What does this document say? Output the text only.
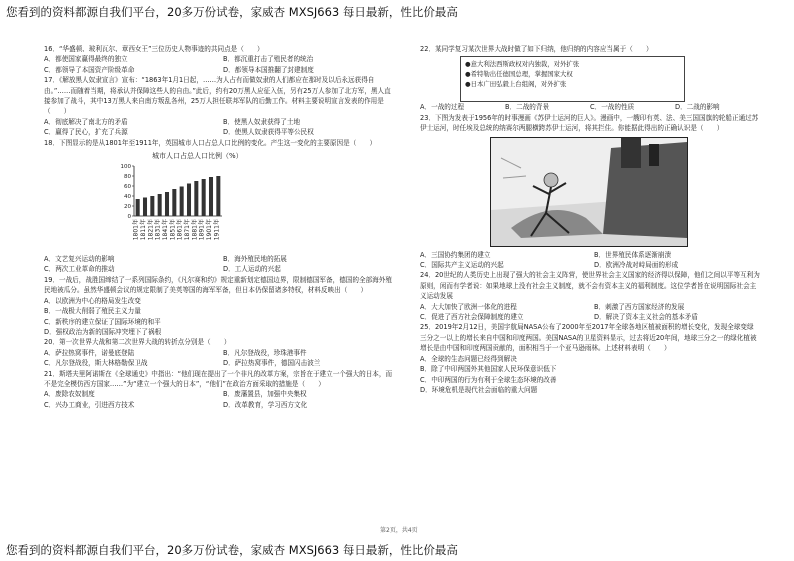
您看到的资料都源自我们平台，20多万份试卷，家威杏 MXSJ663 每日最新，性比价最高

16．“华盛顿、玻利瓦尔、章西女王”三位历史人物事迹的共同点是（　　）

A．都使国家赢得最终的独立	B．都沉重打击了殖民者的统治
C．都领导了本国资产阶级革命	D．都领导本国推翻了封建制度

17．《解放黑人奴隶宣言》宣布：“1863年1月1日起，……为人占有而做奴隶的人们都应在那时及以后永远获得自由。”……而随着当期，将承认并保障这些人的自由。”此后，约有20万黑人应征入伍，另有25万人参加了北方军，黑人直接参加了战斗，其中13万黑人来自南方叛乱各州，25万人担任联邦军队的后勤工作。材料主要说明宣言发表的作用是（　　）

A．彻底解决了南北方的矛盾	B．使黑人奴隶获得了土地
C．赢得了民心，扩充了兵源	D．使黑人奴隶获得平等公民权

18．下图显示的是从1801年至1911年，英国城市人口占总人口比例的变化。产生这一变化的主要原因是（　　）

城市人口占总人口比例（%）
0
20
40
60
80
100
1801年 1811年 1821年 1831年 1841年 1851年 1861年 1871年 1881年 1891年 1901年 1911年
A．文艺复兴运动的影响	B．海外殖民地的拓展
C．两次工业革命的推动	D．工人运动的兴起

19．一战后，战胜国缔结了一系列国际条约，《凡尔赛和约》规定重新划定德国边界，限制德国军备，德国的全部海外殖民地被瓜分。虽然华盛顿会议的规定限制了美英等国的海军军备，但日本仍保留诸多特权，材料反映出（　　）

A．以欧洲为中心的格局发生改变

B．一战极大削弱了殖民主义力量

C．新秩序的建立保证了国际环境的和平

D．强权政治为新的国际冲突埋下了祸根

20．第一次世界大战和第二次世界大战的转折点分别是（　　）

A．萨拉热窝事件，诺曼底登陆	B．凡尔登战役，珍珠港事件
C．凡尔登战役，斯大林格勒保卫战	D．萨拉热窝事件，德国闪击波兰

21．斯塔夫里阿诺斯在《全球通史》中指出：“他们现在提出了一个非凡的改革方案，宗旨在于建立一个强大的日本，而不是完全模仿西方国家……”为“建立一个强大的日本”，“他们”在政治方面采取的措施是（　　）

A．废除农奴制度	B．废藩置县，加强中央集权
C．兴办工商业，引进西方技术	D．改革教育，学习西方文化

22．某同学复习某次世界大战时做了如下归纳，他归纳的内容应当属于（　　）

●意大利法西斯政权对内独裁，对外扩张
●希特勒出任德国总理，掌握国家大权
●日本广田弘毅上台组阁，对外扩张
A．一战的过程	B．二战的背景	C．一战的性质	D．二战的影响

23．下图为发表于1956年的时事漫画《苏伊士运河的巨人》。漫画中，一艘印有英、法、美三国国旗的轮船正通过苏伊士运河，时任埃及总统的纳赛尔两腿横跨苏伊士运河，将其拦住。你能据此得出的正确认识是（　　）

A．三国协约集团的建立	B．世界殖民体系逐渐崩溃
C．国际共产主义运动的兴起	D．欧洲冷战对峙局面的形成

24．20世纪的人类历史上出现了强大的社会主义阵营，使世界社会主义国家的经济得以保障，他们之间以平等互利为原则，闲而有学者说：如果地球上没有社会主义制度，就不会有资本主义的福利制度。这位学者旨在说明国际社会主义运动发展

A．大大加快了欧洲一体化的进程	B．刺激了西方国家经济的发展
C．促进了西方社会保障制度的建立	D．解决了资本主义社会的基本矛盾

25．2019年2月12日，美国宇航局NASA公布了2000年至2017年全球各地区植被面积的增长变化，发现全球变绿三分之一以上的增长来自中国和印度两国。美国NASA的卫星资料显示，过去将近20年间，地球三分之一的绿化植被增长是由中国和印度两国贡献的，面积相当于一个亚马逊雨林。上述材料表明（　　）

A．全球的生态问题已经得到解决

B．除了中印两国外其他国家人民环保意识低下

C．中印两国的行为有利于全球生态环境的改善

D．环境危机是现代社会面临的重大问题

第2页，共4页
您看到的资料都源自我们平台，20多万份试卷，家威杏 MXSJ663 每日最新，性比价最高
